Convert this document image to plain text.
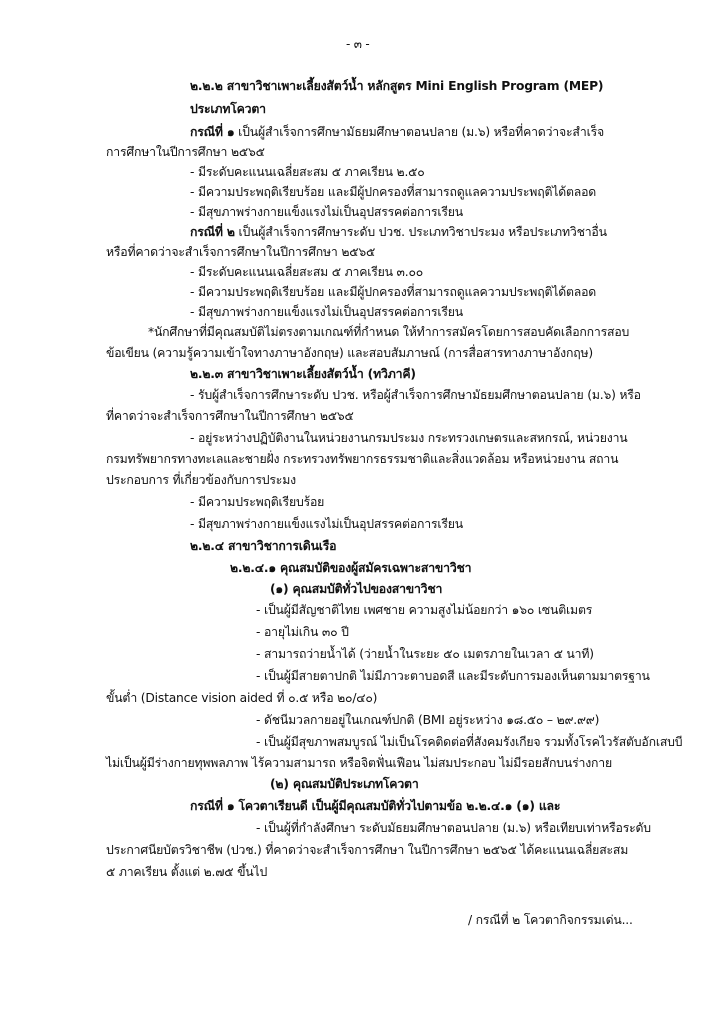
- ๓ -
๒.๒.๒ สาขาวิชาเพาะเลี้ยงสัตว์น้ำ หลักสูตร Mini English Program (MEP)
ประเภทโควตา
กรณีที่ ๑ เป็นผู้สำเร็จการศึกษามัธยมศึกษาตอนปลาย (ม.๖) หรือที่คาดว่าจะสำเร็จ
การศึกษาในปีการศึกษา ๒๕๖๕
- มีระดับคะแนนเฉลี่ยสะสม ๕ ภาคเรียน ๒.๕๐
- มีความประพฤติเรียบร้อย และมีผู้ปกครองที่สามารถดูแลความประพฤติได้ตลอด
- มีสุขภาพร่างกายแข็งแรงไม่เป็นอุปสรรคต่อการเรียน
กรณีที่ ๒ เป็นผู้สำเร็จการศึกษาระดับ ปวช. ประเภทวิชาประมง หรือประเภทวิชาอื่น
หรือที่คาดว่าจะสำเร็จการศึกษาในปีการศึกษา ๒๕๖๕
- มีระดับคะแนนเฉลี่ยสะสม ๕ ภาคเรียน ๓.๐๐
- มีความประพฤติเรียบร้อย และมีผู้ปกครองที่สามารถดูแลความประพฤติได้ตลอด
- มีสุขภาพร่างกายแข็งแรงไม่เป็นอุปสรรคต่อการเรียน
*นักศึกษาที่มีคุณสมบัติไม่ตรงตามเกณฑ์ที่กำหนด ให้ทำการสมัครโดยการสอบคัดเลือกการสอบ
ข้อเขียน (ความรู้ความเข้าใจทางภาษาอังกฤษ) และสอบสัมภาษณ์ (การสื่อสารทางภาษาอังกฤษ)
๒.๒.๓ สาขาวิชาเพาะเลี้ยงสัตว์น้ำ (ทวิภาคี)
- รับผู้สำเร็จการศึกษาระดับ ปวช. หรือผู้สำเร็จการศึกษามัธยมศึกษาตอนปลาย (ม.๖) หรือ
ที่คาดว่าจะสำเร็จการศึกษาในปีการศึกษา ๒๕๖๕
- อยู่ระหว่างปฏิบัติงานในหน่วยงานกรมประมง กระทรวงเกษตรและสหกรณ์, หน่วยงาน
กรมทรัพยากรทางทะเลและชายฝั่ง กระทรวงทรัพยากรธรรมชาติและสิ่งแวดล้อม หรือหน่วยงาน สถาน
ประกอบการ ที่เกี่ยวข้องกับการประมง
- มีความประพฤติเรียบร้อย
- มีสุขภาพร่างกายแข็งแรงไม่เป็นอุปสรรคต่อการเรียน
๒.๒.๔ สาขาวิชาการเดินเรือ
๒.๒.๔.๑ คุณสมบัติของผู้สมัครเฉพาะสาขาวิชา
(๑) คุณสมบัติทั่วไปของสาขาวิชา
- เป็นผู้มีสัญชาติไทย เพศชาย ความสูงไม่น้อยกว่า ๑๖๐ เซนติเมตร
- อายุไม่เกิน ๓๐ ปี
- สามารถว่ายน้ำได้ (ว่ายน้ำในระยะ ๕๐ เมตรภายในเวลา ๕ นาที)
- เป็นผู้มีสายตาปกติ ไม่มีภาวะตาบอดสี และมีระดับการมองเห็นตามมาตรฐาน
ขั้นต่ำ (Distance vision aided ที่ ๐.๕ หรือ ๒๐/๔๐)
- ดัชนีมวลกายอยู่ในเกณฑ์ปกติ (BMI อยู่ระหว่าง ๑๘.๕๐ – ๒๙.๙๙)
- เป็นผู้มีสุขภาพสมบูรณ์ ไม่เป็นโรคติดต่อที่สังคมรังเกียจ รวมทั้งโรคไวรัสตับอักเสบบี
ไม่เป็นผู้มีร่างกายทุพพลภาพ ไร้ความสามารถ หรือจิตฟั่นเฟือน ไม่สมประกอบ ไม่มีรอยสักบนร่างกาย
(๒) คุณสมบัติประเภทโควตา
กรณีที่ ๑ โควตาเรียนดี เป็นผู้มีคุณสมบัติทั่วไปตามข้อ ๒.๒.๔.๑ (๑) และ
- เป็นผู้ที่กำลังศึกษา ระดับมัธยมศึกษาตอนปลาย (ม.๖) หรือเทียบเท่าหรือระดับ
ประกาศนียบัตรวิชาชีพ (ปวช.) ที่คาดว่าจะสำเร็จการศึกษา ในปีการศึกษา ๒๕๖๕ ได้คะแนนเฉลี่ยสะสม
๕ ภาคเรียน ตั้งแต่ ๒.๗๕ ขึ้นไป
/ กรณีที่ ๒ โควตากิจกรรมเด่น...
